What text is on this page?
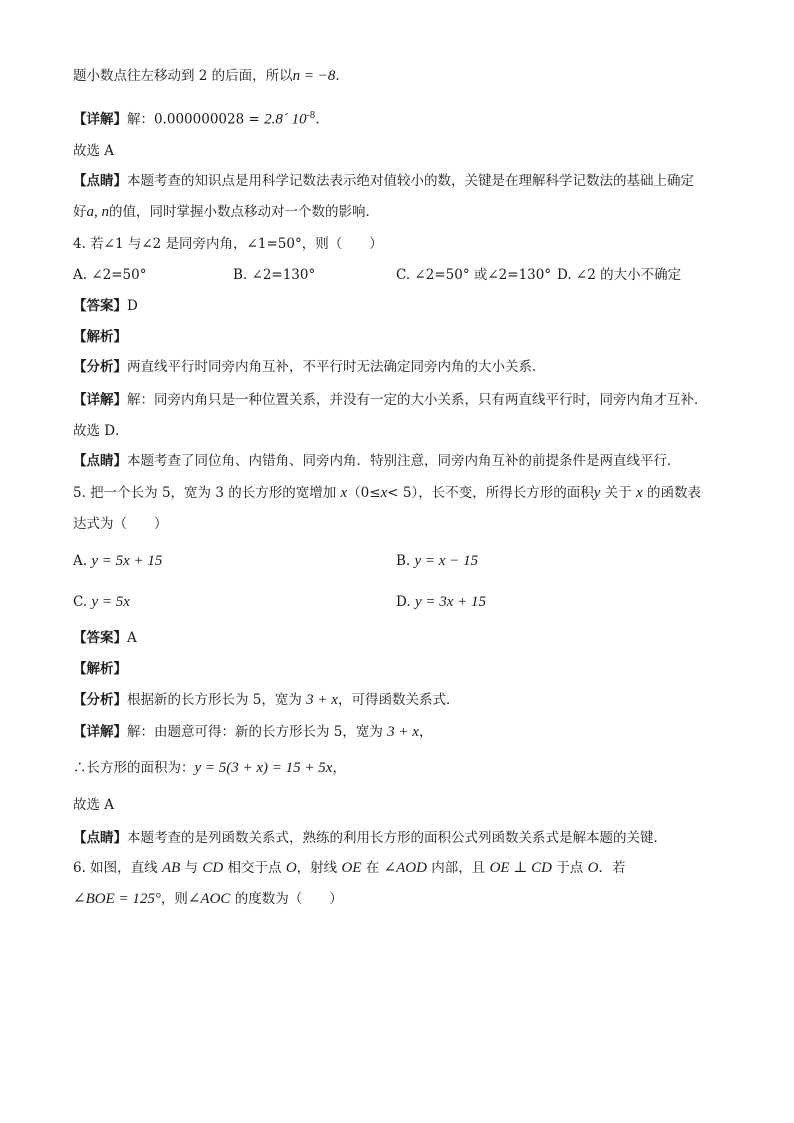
题小数点往左移动到 2 的后面，所以n = −8.
【详解】解：0.000000028 = 2.8´ $10^{-8}$.
故选 A
【点睛】本题考查的知识点是用科学记数法表示绝对值较小的数，关键是在理解科学记数法的基础上确定
好a, n的值，同时掌握小数点移动对一个数的影响．
4. 若∠1 与∠2 是同旁内角，∠1=50°，则（　　）
A. ∠2=50°	B. ∠2=130°	C. ∠2=50° 或∠2=130° D. ∠2 的大小不确定
【答案】D
【解析】
【分析】两直线平行时同旁内角互补，不平行时无法确定同旁内角的大小关系．
【详解】解：同旁内角只是一种位置关系，并没有一定的大小关系，只有两直线平行时，同旁内角才互补．
故选 D．
【点睛】本题考查了同位角、内错角、同旁内角．特别注意，同旁内角互补的前提条件是两直线平行．
5. 把一个长为 5，宽为 3 的长方形的宽增加 x（0≤x< 5），长不变，所得长方形的面积y 关于 x 的函数表
达式为（　　）
A. y = 5x + 15	B. y = x − 15
C. y = 5x	D. y = 3x + 15
【答案】A
【解析】
【分析】根据新的长方形长为 5，宽为 3 + x，可得函数关系式．
【详解】解：由题意可得：新的长方形长为 5，宽为 3 + x，
∴长方形的面积为：y = 5(3 + x) = 15 + 5x，
故选 A
【点睛】本题考查的是列函数关系式，熟练的利用长方形的面积公式列函数关系式是解本题的关键．
6. 如图，直线 AB 与 CD 相交于点 O，射线 OE 在 ∠AOD 内部，且 OE ⊥ CD 于点 O．若
∠BOE = 125°，则∠AOC 的度数为（　　）
